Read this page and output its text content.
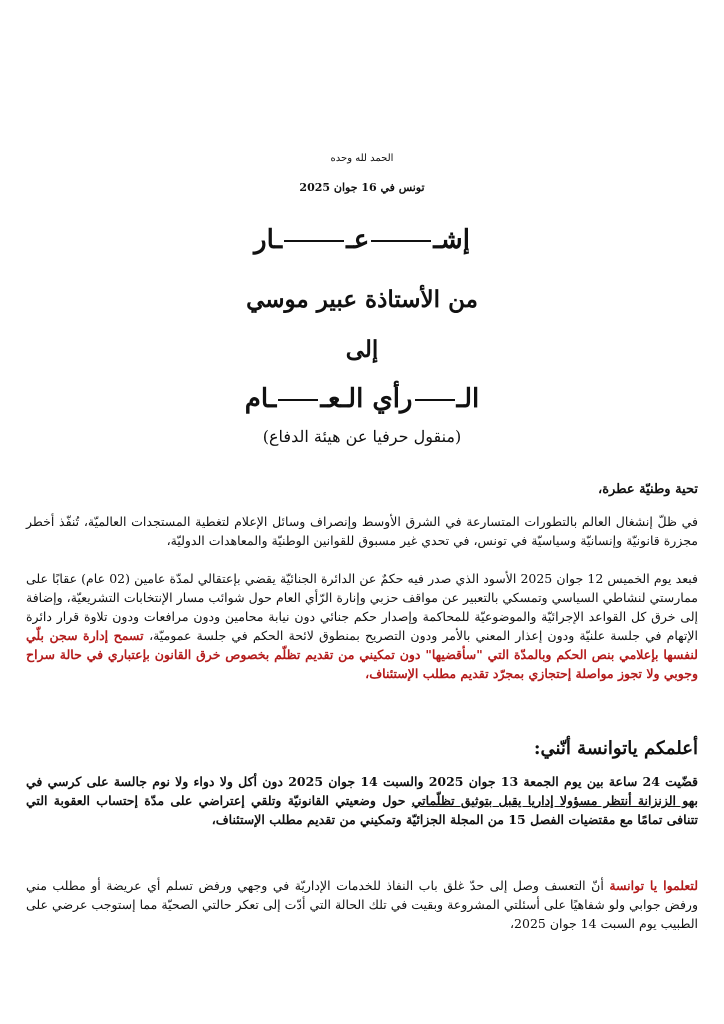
الحمد لله وحده
تونس في 16 جوان 2025
إشـعــار
من الأستاذة عبير موسي
إلى
الـرأي الـعــام
(منقول حرفيا عن هيئة الدفاع)
تحية وطنيّة عطرة،
في ظلّ إنشغال العالم بالتطورات المتسارعة في الشرق الأوسط وإنصراف وسائل الإعلام لتغطية المستجدات العالميّة، تُنفّذ أخطر مجزرة قانونيّة وإنسانيّة وسياسيّة في تونس، في تحدي غير مسبوق للقوانين الوطنيّة والمعاهدات الدوليّة،
فبعد يوم الخميس 12 جوان 2025 الأسود الذي صدر فيه حكمٌ عن الدائرة الجنائيّة يقضي بإعتقالي لمدّة عامين (02 عام) عقابًا على ممارستي لنشاطي السياسي وتمسكي بالتعبير عن مواقف حزبي وإنارة الرّأي العام حول شوائب مسار الإنتخابات التشريعيّة، وإضافة إلى خرق كل القواعد الإجرائيّة والموضوعيّة للمحاكمة وإصدار حكم جنائي دون نيابة محامين ودون مرافعات ودون تلاوة قرار دائرة الإتهام في جلسة علنيّة ودون إعذار المعني بالأمر ودون التصريح بمنطوق لائحة الحكم في جلسة عموميّة، تسمح إدارة سجن بلّي لنفسها بإعلامي بنص الحكم وبالمدّة التي "سأقضيها" دون تمكيني من تقديم تظلّم بخصوص خرق القانون بإعتباري في حالة سراح وجوبي ولا تجوز مواصلة إحتجازي بمجرّد تقديم مطلب الإستئناف،
أعلمكم ياتوانسة أنّني:
قضّيت 24 ساعة بين يوم الجمعة 13 جوان 2025 والسبت 14 جوان 2025 دون أكل ولا دواء ولا نوم جالسة على كرسي في بهو الزنزانة أنتظر مسؤولا إداريا يقبل بتوثيق تظلّماتي حول وضعيتي القانونيّة وتلقي إعتراضي على مدّة إحتساب العقوبة التي تتنافى تمامًا مع مقتضيات الفصل 15 من المجلة الجزائيّة وتمكيني من تقديم مطلب الإستئناف،
لتعلموا يا توانسة أنّ التعسف وصل إلى حدّ غلق باب النفاذ للخدمات الإداريّة في وجهي ورفض تسلم أي عريضة أو مطلب مني ورفض جوابي ولو شفاهيًا على أسئلتي المشروعة وبقيت في تلك الحالة التي أدّت إلى تعكر حالتي الصحيّة مما إستوجب عرضي على الطبيب يوم السبت 14 جوان 2025،
